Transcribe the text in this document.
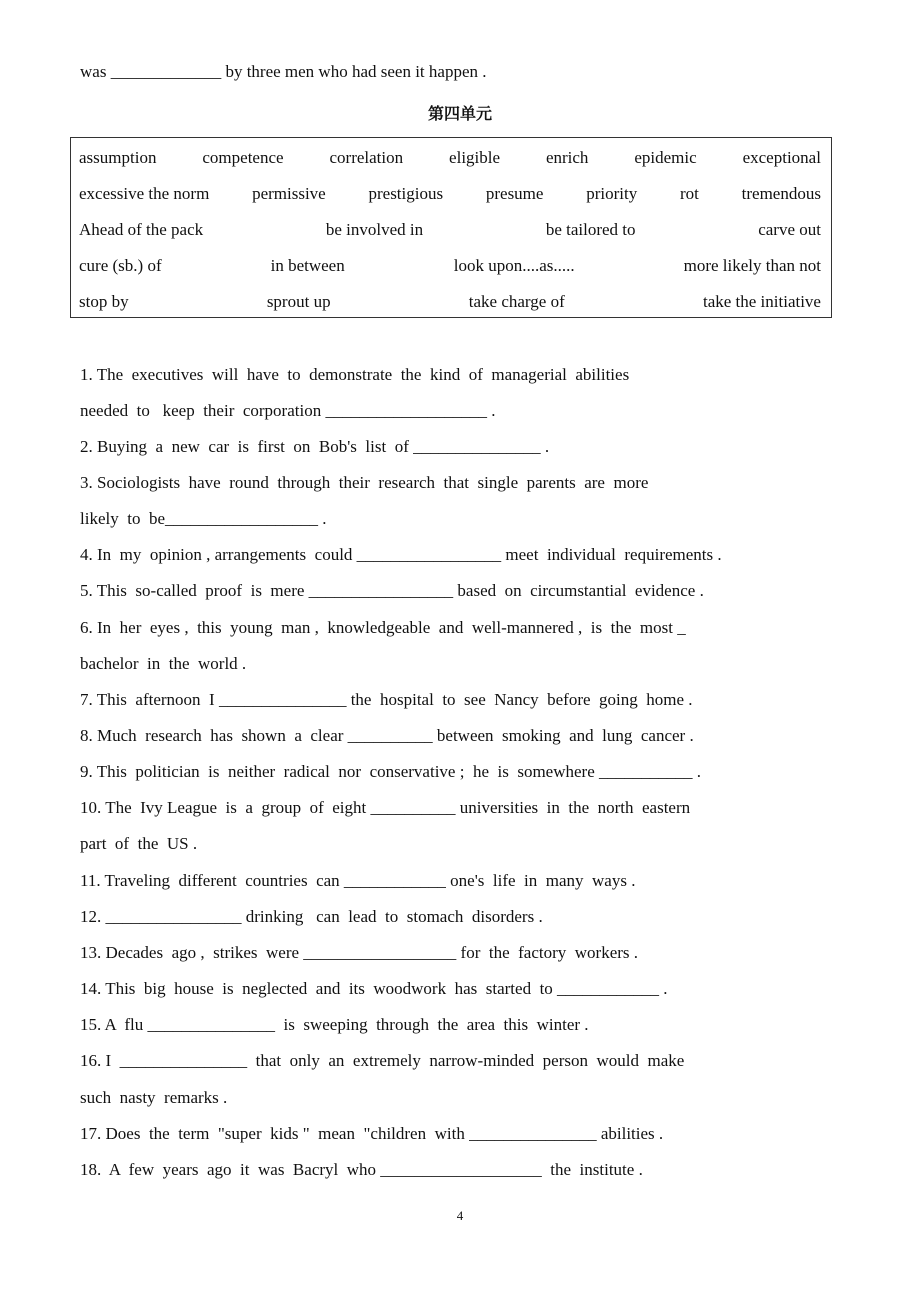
was _____________ by three men who had seen it happen .
第四单元
assumption	competence	correlation	eligible	enrich	epidemic	exceptional
excessive the norm	permissive	prestigious	presume	priority	rot	tremendous
Ahead of the pack	be involved in	be tailored to	carve out
cure (sb.) of	in between	look upon....as.....	more likely than not
stop by	sprout up	take charge of	take the initiative
1. The  executives  will  have  to  demonstrate  the  kind  of  managerial  abilities
needed  to   keep  their  corporation ___________________ .
2. Buying  a  new  car  is  first  on  Bob's  list  of _______________ .
3. Sociologists  have  round  through  their  research  that  single  parents  are  more
likely  to  be__________________ .
4. In  my  opinion , arrangements  could _________________ meet  individual  requirements .
5. This  so-called  proof  is  mere _________________ based  on  circumstantial  evidence .
6. In  her  eyes ,  this  young  man ,  knowledgeable  and  well-mannered ,  is  the  most _
bachelor  in  the  world .
7. This  afternoon  I _______________ the  hospital  to  see  Nancy  before  going  home .
8. Much  research  has  shown  a  clear __________ between  smoking  and  lung  cancer .
9. This  politician  is  neither  radical  nor  conservative ;  he  is  somewhere ___________ .
10. The  Ivy League  is  a  group  of  eight __________ universities  in  the  north  eastern
part  of  the  US .
11. Traveling  different  countries  can ____________ one's  life  in  many  ways .
12. ________________ drinking   can  lead  to  stomach  disorders .
13. Decades  ago ,  strikes  were __________________ for  the  factory  workers .
14. This  big  house  is  neglected  and  its  woodwork  has  started  to ____________ .
15. A  flu _______________  is  sweeping  through  the  area  this  winter .
16. I  _______________  that  only  an  extremely  narrow-minded  person  would  make
such  nasty  remarks .
17. Does  the  term  "super  kids "  mean  "children  with _______________ abilities .
18.  A  few  years  ago  it  was  Bacryl  who ___________________  the  institute .
4
